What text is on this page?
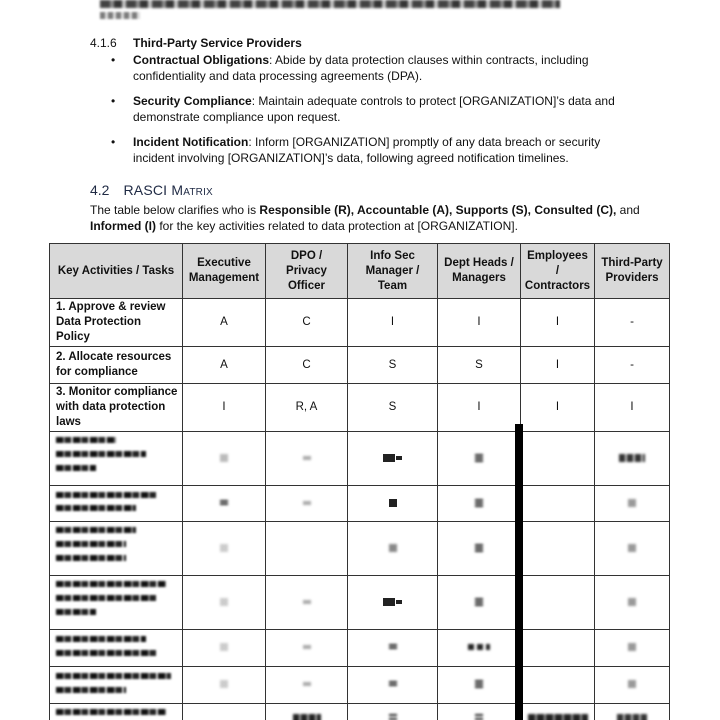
4.1.6 Third-Party Service Providers
• Contractual Obligations: Abide by data protection clauses within contracts, including confidentiality and data processing agreements (DPA).
• Security Compliance: Maintain adequate controls to protect [ORGANIZATION]’s data and demonstrate compliance upon request.
• Incident Notification: Inform [ORGANIZATION] promptly of any data breach or security incident involving [ORGANIZATION]’s data, following agreed notification timelines.
4.2 RASCI Matrix
The table below clarifies who is Responsible (R), Accountable (A), Supports (S), Consulted (C), and Informed (I) for the key activities related to data protection at [ORGANIZATION].
Key Activities / Tasks	Executive Management	DPO / Privacy Officer	Info Sec Manager / Team	Dept Heads / Managers	Employees / Contractors	Third-Party Providers
1. Approve & review Data Protection Policy	A	C	I	I	I	-
2. Allocate resources for compliance	A	C	S	S	I	-
3. Monitor compliance with data protection laws	I	R, A	S	I	I	I
